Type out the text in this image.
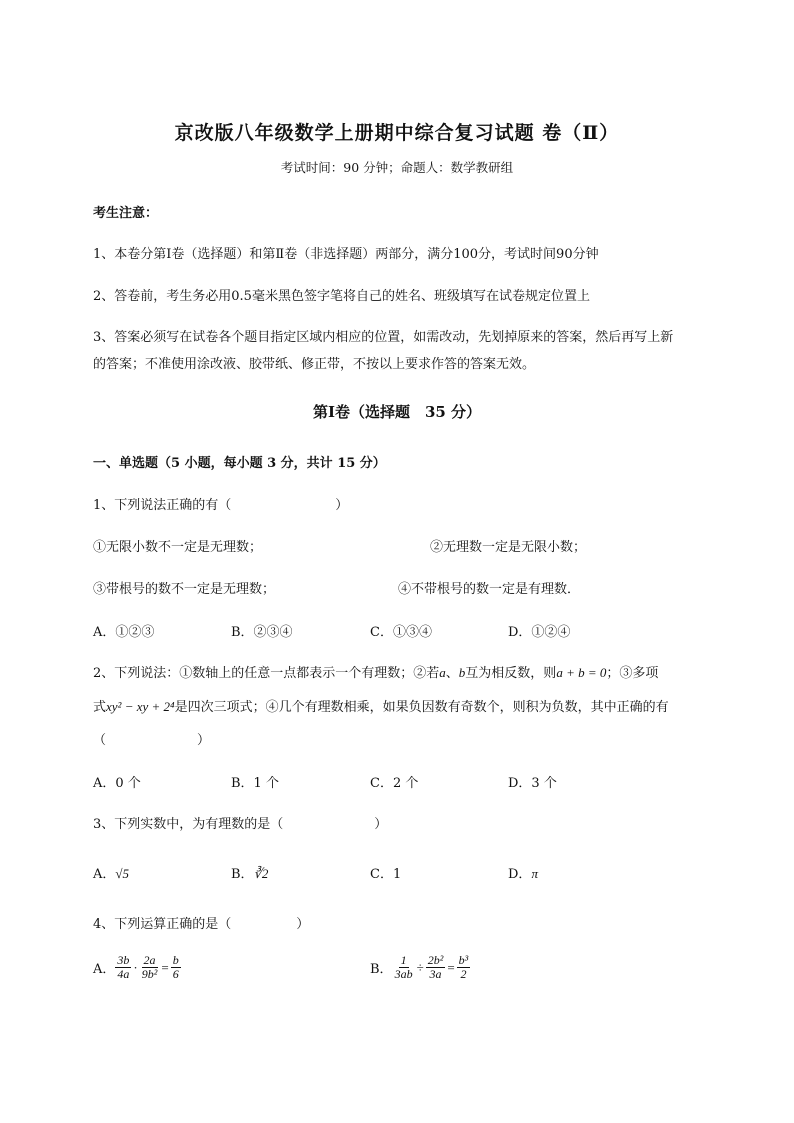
京改版八年级数学上册期中综合复习试题 卷（Ⅱ）
考试时间：90 分钟；命题人：数学教研组
考生注意：
1、本卷分第Ⅰ卷（选择题）和第Ⅱ卷（非选择题）两部分，满分100分，考试时间90分钟
2、答卷前，考生务必用0.5毫米黑色签字笔将自己的姓名、班级填写在试卷规定位置上
3、答案必须写在试卷各个题目指定区域内相应的位置，如需改动，先划掉原来的答案，然后再写上新
的答案；不准使用涂改液、胶带纸、修正带，不按以上要求作答的答案无效。
第Ⅰ卷（选择题　35 分）
一、单选题（5 小题，每小题 3 分，共计 15 分）
1、下列说法正确的有（　　　　　　　　）
①无限小数不一定是无理数；	②无理数一定是无限小数；
③带根号的数不一定是无理数；	④不带根号的数一定是有理数．
A．①②③	B．②③④	C．①③④	D．①②④
2、下列说法：①数轴上的任意一点都表示一个有理数；②若a、b互为相反数，则a + b = 0；③多项
式xy² − xy + 2⁴是四次三项式；④几个有理数相乘，如果负因数有奇数个，则积为负数，其中正确的有
（　　　　　　　）
A．0 个	B．1 个	C．2 个	D．3 个
3、下列实数中，为有理数的是（　　　　　　　）
A．√5	B．∛2	C．1	D．π
4、下列运算正确的是（　　　　　）
A． $\frac{3b}{4a} \cdot \frac{2a}{\text{9b²}} = \frac{b}{6}$	B． $\frac{1}{3ab} \div \frac{\text{2b²}}{3a} = \frac{\text{b³}}{2}$
